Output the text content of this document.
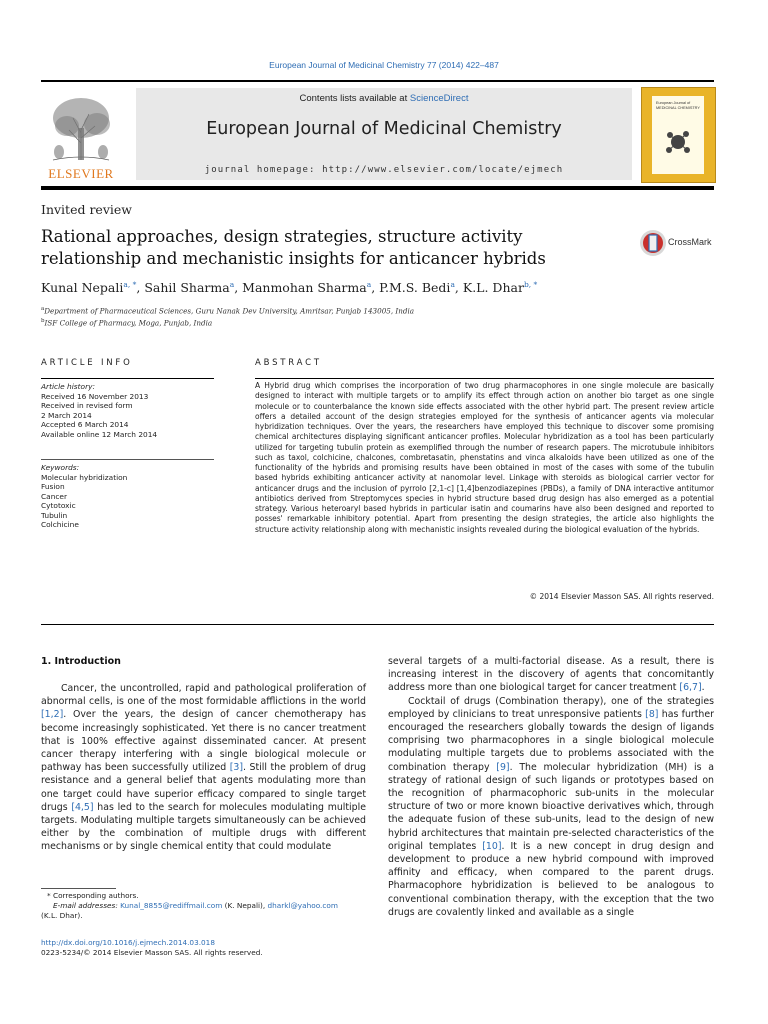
European Journal of Medicinal Chemistry 77 (2014) 422–487
ELSEVIER
Contents lists available at ScienceDirect
European Journal of Medicinal Chemistry
journal homepage: http://www.elsevier.com/locate/ejmech
European Journal of MEDICINAL CHEMISTRY
Invited review
Rational approaches, design strategies, structure activity relationship and mechanistic insights for anticancer hybrids
CrossMark
Kunal Nepali$^{a, *}$, Sahil Sharma$^a$, Manmohan Sharma$^a$, P.M.S. Bedi$^a$, K.L. Dhar$^{b, *}$
$^a$Department of Pharmaceutical Sciences, Guru Nanak Dev University, Amritsar, Punjab 143005, India
$^b$ISF College of Pharmacy, Moga, Punjab, India
ARTICLE INFO
Article history:
Received 16 November 2013
Received in revised form
2 March 2014
Accepted 6 March 2014
Available online 12 March 2014
Keywords:
Molecular hybridization
Fusion
Cancer
Cytotoxic
Tubulin
Colchicine
ABSTRACT
A Hybrid drug which comprises the incorporation of two drug pharmacophores in one single molecule are basically designed to interact with multiple targets or to amplify its effect through action on another bio target as one single molecule or to counterbalance the known side effects associated with the other hybrid part. The present review article offers a detailed account of the design strategies employed for the synthesis of anticancer agents via molecular hybridization techniques. Over the years, the researchers have employed this technique to discover some promising chemical architectures displaying significant anticancer profiles. Molecular hybridization as a tool has been particularly utilized for targeting tubulin protein as exemplified through the number of research papers. The microtubule inhibitors such as taxol, colchicine, chalcones, combretasatin, phenstatins and vinca alkaloids have been utilized as one of the functionality of the hybrids and promising results have been obtained in most of the cases with some of the tubulin based hybrids exhibiting anticancer activity at nanomolar level. Linkage with steroids as biological carrier vector for anticancer drugs and the inclusion of pyrrolo [2,1-c] [1,4]benzodiazepines (PBDs), a family of DNA interactive antitumor antibiotics derived from Streptomyces species in hybrid structure based drug design has also emerged as a potential strategy. Various heteroaryl based hybrids in particular isatin and coumarins have also been designed and reported to posses' remarkable inhibitory potential. Apart from presenting the design strategies, the article also highlights the structure activity relationship along with mechanistic insights revealed during the biological evaluation of the hybrids.
© 2014 Elsevier Masson SAS. All rights reserved.
1. Introduction

Cancer, the uncontrolled, rapid and pathological proliferation of abnormal cells, is one of the most formidable afflictions in the world [1,2]. Over the years, the design of cancer chemotherapy has become increasingly sophisticated. Yet there is no cancer treatment that is 100% effective against disseminated cancer. At present cancer therapy interfering with a single biological molecule or pathway has been successfully utilized [3]. Still the problem of drug resistance and a general belief that agents modulating more than one target could have superior efficacy compared to single target drugs [4,5] has led to the search for molecules modulating multiple targets. Modulating multiple targets simultaneously can be achieved either by the combination of multiple drugs with different mechanisms or by single chemical entity that could modulate

several targets of a multi-factorial disease. As a result, there is increasing interest in the discovery of agents that concomitantly address more than one biological target for cancer treatment [6,7].

Cocktail of drugs (Combination therapy), one of the strategies employed by clinicians to treat unresponsive patients [8] has further encouraged the researchers globally towards the design of ligands comprising two pharmacophores in a single biological molecule modulating multiple targets due to problems associated with the combination therapy [9]. The molecular hybridization (MH) is a strategy of rational design of such ligands or prototypes based on the recognition of pharmacophoric sub-units in the molecular structure of two or more known bioactive derivatives which, through the adequate fusion of these sub-units, lead to the design of new hybrid architectures that maintain pre-selected characteristics of the original templates [10]. It is a new concept in drug design and development to produce a new hybrid compound with improved affinity and efficacy, when compared to the parent drugs. Pharmacophore hybridization is believed to be analogous to conventional combination therapy, with the exception that the two drugs are covalently linked and available as a single

* Corresponding authors.
E-mail addresses: Kunal_8855@rediffmail.com (K. Nepali), dharkl@yahoo.com
(K.L. Dhar).
http://dx.doi.org/10.1016/j.ejmech.2014.03.018
0223-5234/© 2014 Elsevier Masson SAS. All rights reserved.
